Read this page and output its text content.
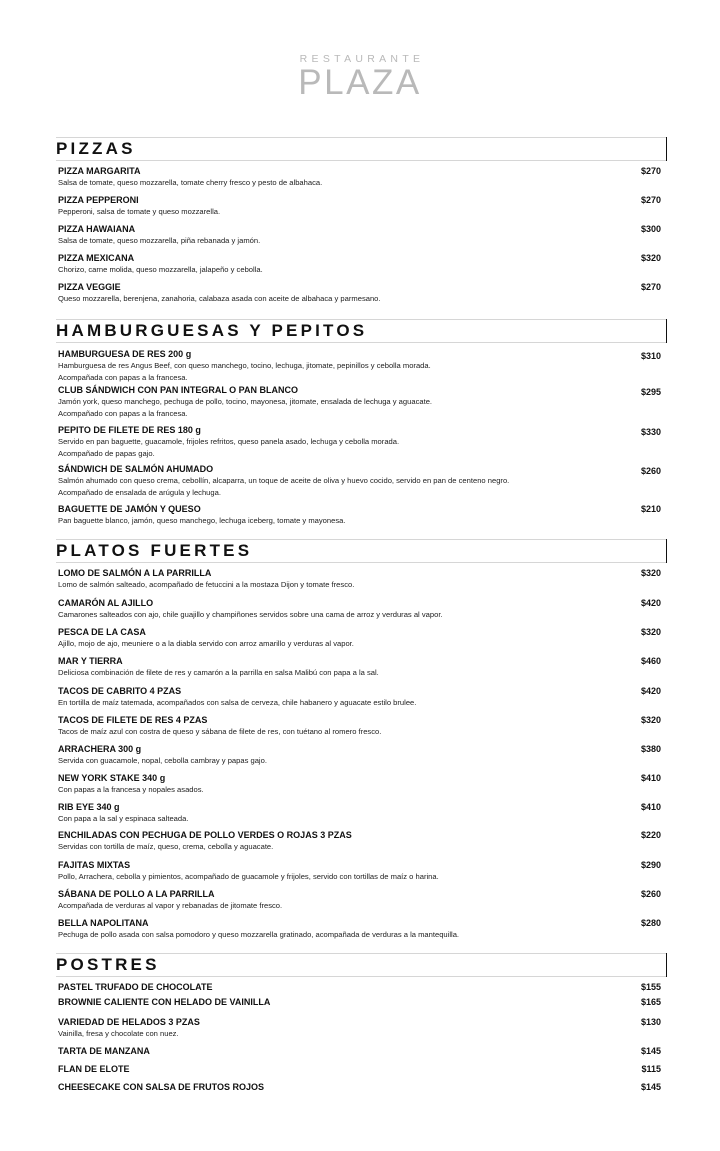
RESTAURANTE
PLAZA
PIZZAS
PIZZA MARGARITA
Salsa de tomate, queso mozzarella, tomate cherry fresco y pesto de albahaca.
$270
PIZZA PEPPERONI
Pepperoni, salsa de tomate y queso mozzarella.
$270
PIZZA HAWAIANA
Salsa de tomate, queso mozzarella, piña rebanada y jamón.
$300
PIZZA MEXICANA
Chorizo, carne molida, queso mozzarella, jalapeño y cebolla.
$320
PIZZA VEGGIE
Queso mozzarella, berenjena, zanahoria, calabaza asada con aceite de albahaca y parmesano.
$270
HAMBURGUESAS Y PEPITOS
HAMBURGUESA DE RES 200 g
Hamburguesa de res Angus Beef, con queso manchego, tocino, lechuga, jitomate, pepinillos y cebolla morada.
Acompañada con papas a la francesa.
$310
CLUB SÁNDWICH CON PAN INTEGRAL O PAN BLANCO
Jamón york, queso manchego, pechuga de pollo, tocino, mayonesa, jitomate, ensalada de lechuga y aguacate.
Acompañado con papas a la francesa.
$295
PEPITO DE FILETE DE RES 180 g
Servido en pan baguette, guacamole, frijoles refritos, queso panela asado, lechuga y cebolla morada.
Acompañado de papas gajo.
$330
SÁNDWICH DE SALMÓN AHUMADO
Salmón ahumado con queso crema, cebollín, alcaparra, un toque de aceite de oliva y huevo cocido, servido en pan de centeno negro.
Acompañado de ensalada de arúgula y lechuga.
$260
BAGUETTE DE JAMÓN Y QUESO
Pan baguette blanco, jamón, queso manchego, lechuga iceberg, tomate y mayonesa.
$210
PLATOS FUERTES
LOMO DE SALMÓN A LA PARRILLA
Lomo de salmón salteado, acompañado de fetuccini a la mostaza Dijon y tomate fresco.
$320
CAMARÓN AL AJILLO
Camarones salteados con ajo, chile guajillo y champiñones servidos sobre una cama de arroz y verduras al vapor.
$420
PESCA DE LA CASA
Ajillo, mojo de ajo, meuniere o a la diabla servido con arroz amarillo y verduras al vapor.
$320
MAR Y TIERRA
Deliciosa combinación de filete de res y camarón a la parrilla en salsa Malibú con papa a la sal.
$460
TACOS DE CABRITO 4 PZAS
En tortilla de maíz tatemada, acompañados con salsa de cerveza, chile habanero y aguacate estilo brulee.
$420
TACOS DE FILETE DE RES 4 PZAS
Tacos de maíz azul con costra de queso y sábana de filete de res, con tuétano al romero fresco.
$320
ARRACHERA 300 g
Servida con guacamole, nopal, cebolla cambray y papas gajo.
$380
NEW YORK STAKE 340 g
Con papas a la francesa y nopales asados.
$410
RIB EYE 340 g
Con papa a la sal y espinaca salteada.
$410
ENCHILADAS CON PECHUGA DE POLLO VERDES O ROJAS 3 PZAS
Servidas con tortilla de maíz, queso, crema, cebolla y aguacate.
$220
FAJITAS MIXTAS
Pollo, Arrachera, cebolla y pimientos, acompañado de guacamole y frijoles, servido con tortillas de maíz o harina.
$290
SÁBANA DE POLLO A LA PARRILLA
Acompañada de verduras al vapor y rebanadas de jitomate fresco.
$260
BELLA NAPOLITANA
Pechuga de pollo asada con salsa pomodoro y queso mozzarella gratinado, acompañada de verduras a la mantequilla.
$280
POSTRES
PASTEL TRUFADO DE CHOCOLATE	$155
BROWNIE CALIENTE CON HELADO DE VAINILLA	$165
VARIEDAD DE HELADOS 3 PZAS
Vainilla, fresa y chocolate con nuez.
$130
TARTA DE MANZANA	$145
FLAN DE ELOTE	$115
CHEESECAKE CON SALSA DE FRUTOS ROJOS	$145
